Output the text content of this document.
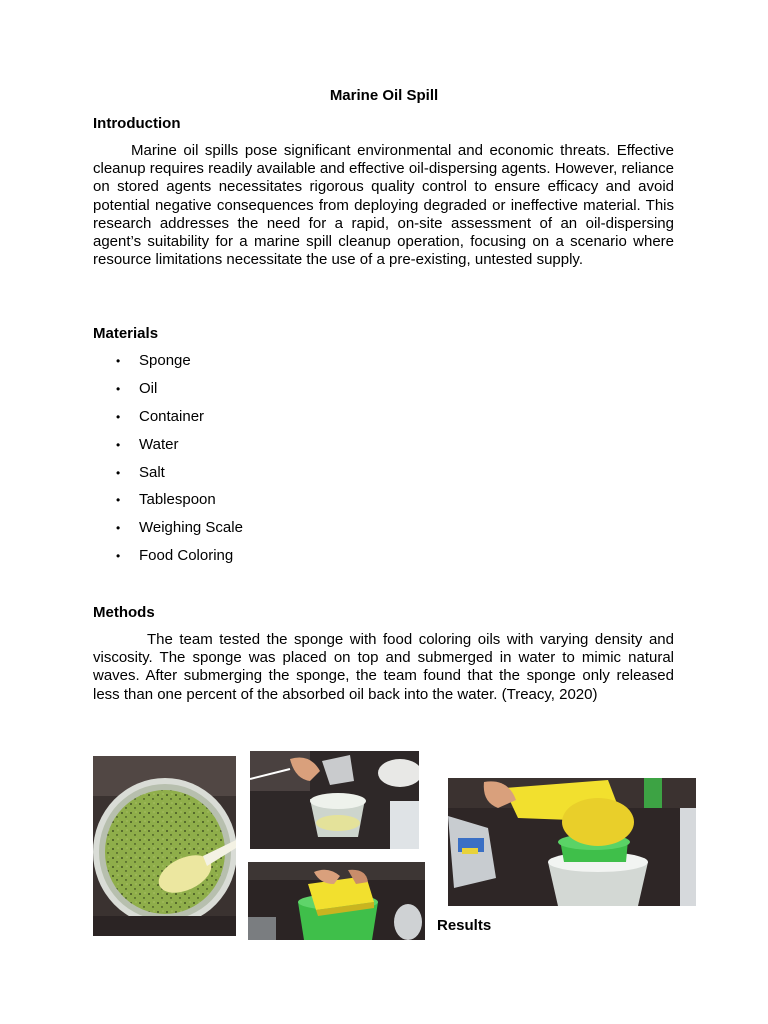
Marine Oil Spill
Introduction
Marine oil spills pose significant environmental and economic threats. Effective cleanup requires readily available and effective oil-dispersing agents. However, reliance on stored agents necessitates rigorous quality control to ensure efficacy and avoid potential negative consequences from deploying degraded or ineffective material. This research addresses the need for a rapid, on-site assessment of an oil-dispersing agent’s suitability for a marine spill cleanup operation, focusing on a scenario where resource limitations necessitate the use of a pre-existing, untested supply.
Materials
• Sponge
• Oil
• Container
• Water
• Salt
• Tablespoon
• Weighing Scale
• Food Coloring
Methods
The team tested the sponge with food coloring oils with varying density and viscosity. The sponge was placed on top and submerged in water to mimic natural waves. After submerging the sponge, the team found that the sponge only released less than one percent of the absorbed oil back into the water. (Treacy, 2020)
Results
